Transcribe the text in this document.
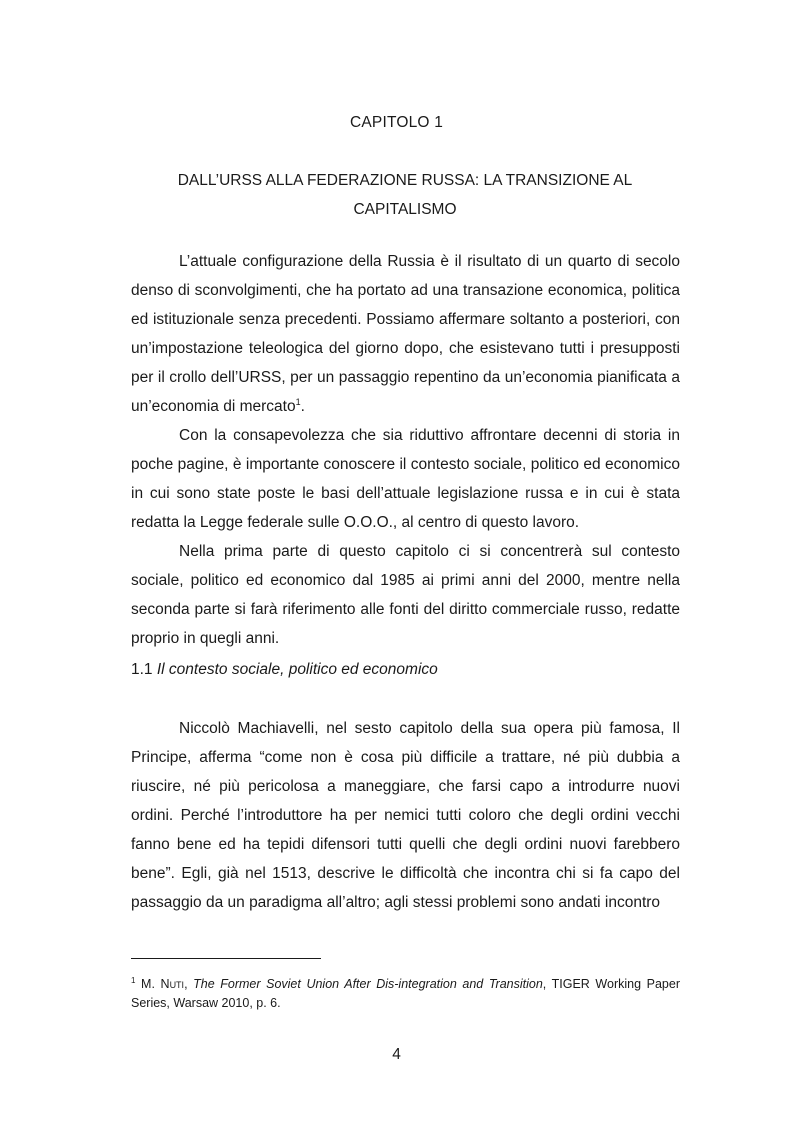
CAPITOLO 1
DALL’URSS ALLA FEDERAZIONE RUSSA: LA TRANSIZIONE AL CAPITALISMO

L’attuale configurazione della Russia è il risultato di un quarto di secolo denso di sconvolgimenti, che ha portato ad una transazione economica, politica ed istituzionale senza precedenti. Possiamo affermare soltanto a posteriori, con un’impostazione teleologica del giorno dopo, che esistevano tutti i presupposti per il crollo dell’URSS, per un passaggio repentino da un’economia pianificata a un’economia di mercato$^1$.

Con la consapevolezza che sia riduttivo affrontare decenni di storia in poche pagine, è importante conoscere il contesto sociale, politico ed economico in cui sono state poste le basi dell’attuale legislazione russa e in cui è stata redatta la Legge federale sulle O.O.O., al centro di questo lavoro.

Nella prima parte di questo capitolo ci si concentrerà sul contesto sociale, politico ed economico dal 1985 ai primi anni del 2000, mentre nella seconda parte si farà riferimento alle fonti del diritto commerciale russo, redatte proprio in quegli anni.

1.1 Il contesto sociale, politico ed economico

Niccolò Machiavelli, nel sesto capitolo della sua opera più famosa, Il Principe, afferma “come non è cosa più difficile a trattare, né più dubbia a riuscire, né più pericolosa a maneggiare, che farsi capo a introdurre nuovi ordini. Perché l’introduttore ha per nemici tutti coloro che degli ordini vecchi fanno bene ed ha tepidi difensori tutti quelli che degli ordini nuovi farebbero bene”. Egli, già nel 1513, descrive le difficoltà che incontra chi si fa capo del passaggio da un paradigma all’altro; agli stessi problemi sono andati incontro

$^1$ M. Nuti, The Former Soviet Union After Dis-integration and Transition, TIGER Working Paper Series, Warsaw 2010, p. 6.
4
